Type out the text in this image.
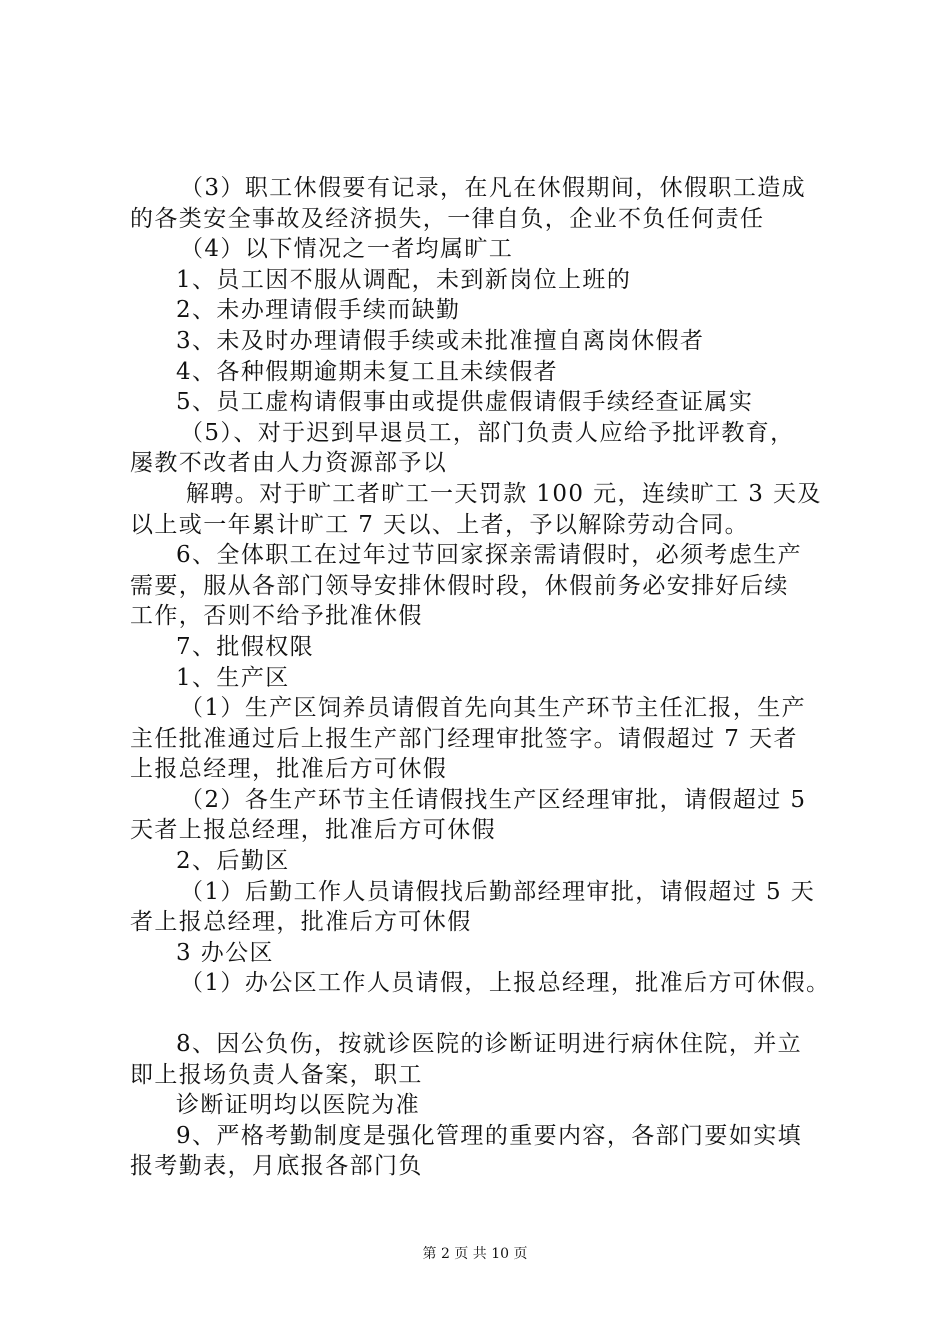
（3）职工休假要有记录，在凡在休假期间，休假职工造成
的各类安全事故及经济损失，一律自负，企业不负任何责任
（4）以下情况之一者均属旷工
1、员工因不服从调配，未到新岗位上班的
2、未办理请假手续而缺勤
3、未及时办理请假手续或未批准擅自离岗休假者
4、各种假期逾期未复工且未续假者
5、员工虚构请假事由或提供虚假请假手续经查证属实
（5）、对于迟到早退员工，部门负责人应给予批评教育，
屡教不改者由人力资源部予以
解聘。对于旷工者旷工一天罚款 100 元，连续旷工 3 天及
以上或一年累计旷工 7 天以、上者，予以解除劳动合同。
6、全体职工在过年过节回家探亲需请假时，必须考虑生产
需要，服从各部门领导安排休假时段，休假前务必安排好后续
工作，否则不给予批准休假
7、批假权限
1、生产区
（1）生产区饲养员请假首先向其生产环节主任汇报，生产
主任批准通过后上报生产部门经理审批签字。请假超过 7 天者
上报总经理，批准后方可休假
（2）各生产环节主任请假找生产区经理审批，请假超过 5
天者上报总经理，批准后方可休假
2、后勤区
（1）后勤工作人员请假找后勤部经理审批，请假超过 5 天
者上报总经理，批准后方可休假
3 办公区
（1）办公区工作人员请假，上报总经理，批准后方可休假。
8、因公负伤，按就诊医院的诊断证明进行病休住院，并立
即上报场负责人备案，职工
诊断证明均以医院为准
9、严格考勤制度是强化管理的重要内容，各部门要如实填
报考勤表，月底报各部门负
第 2 页 共 10 页
